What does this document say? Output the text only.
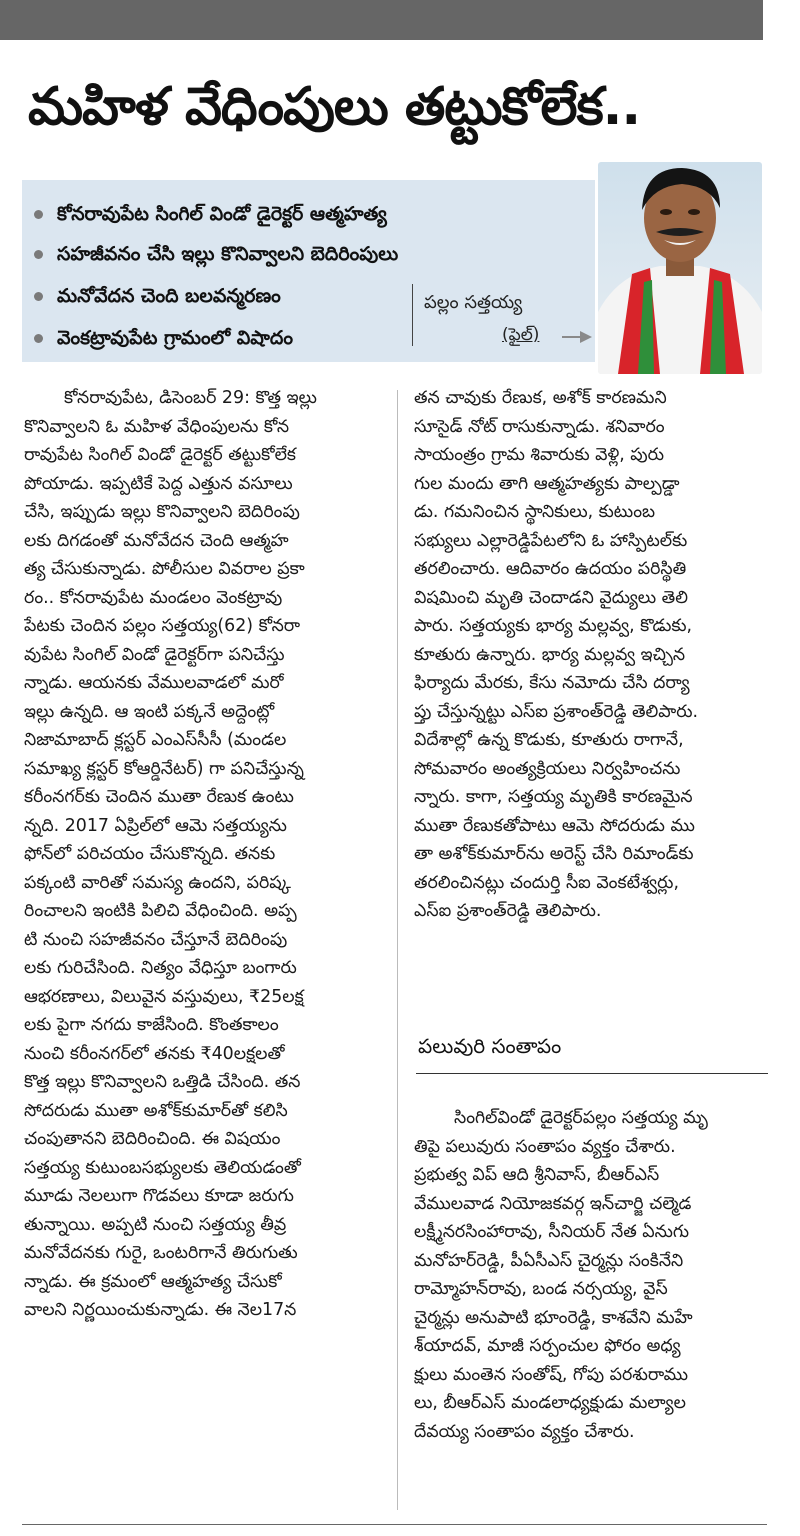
మహిళ వేధింపులు తట్టుకోలేక..
కోనరావుపేట సింగిల్ విండో డైరెక్టర్ ఆత్మహత్య
సహజీవనం చేసి ఇల్లు కొనివ్వాలని బెదిరింపులు
మనోవేదన చెంది బలవన్మరణం
వెంకట్రావుపేట గ్రామంలో విషాదం
పల్లం సత్తయ్య
(ఫైల్)
కోనరావుపేట, డిసెంబర్ 29: కొత్త ఇల్లు
కొనివ్వాలని ఓ మహిళ వేధింపులను కోన
రావుపేట సింగిల్ విండో డైరెక్టర్ తట్టుకోలేక
పోయాడు. ఇప్పటికే పెద్ద ఎత్తున వసూలు
చేసి, ఇప్పుడు ఇల్లు కొనివ్వాలని బెదిరింపు
లకు దిగడంతో మనోవేదన చెంది ఆత్మహ
త్య చేసుకున్నాడు. పోలీసుల వివరాల ప్రకా
రం.. కోనరావుపేట మండలం వెంకట్రావు
పేటకు చెందిన పల్లం సత్తయ్య(62) కోనరా
వుపేట సింగిల్ విండో డైరెక్టర్‌గా పనిచేస్తు
న్నాడు. ఆయనకు వేములవాడలో మరో
ఇల్లు ఉన్నది. ఆ ఇంటి పక్కనే అద్దెంట్లో
నిజామాబాద్ క్లస్టర్ ఎంఎస్‌సీసీ (మండల
సమాఖ్య క్లస్టర్ కోఆర్డినేటర్) గా పనిచేస్తున్న
కరీంనగర్‌కు చెందిన ముతా రేణుక ఉంటు
న్నది. 2017 ఏప్రిల్‌లో ఆమె సత్తయ్యను
ఫోన్‌లో పరిచయం చేసుకొన్నది. తనకు
పక్కంటి వారితో సమస్య ఉందని, పరిష్క
రించాలని ఇంటికి పిలిచి వేధించింది. అప్ప
టి నుంచి సహజీవనం చేస్తూనే బెదిరింపు
లకు గురిచేసింది. నిత్యం వేధిస్తూ బంగారు
ఆభరణాలు, విలువైన వస్తువులు, ₹25లక్ష
లకు పైగా నగదు కాజేసింది. కొంతకాలం
నుంచి కరీంనగర్‌లో తనకు ₹40లక్షలతో
కొత్త ఇల్లు కొనివ్వాలని ఒత్తిడి చేసింది. తన
సోదరుడు ముతా అశోక్‌కుమార్‌తో కలిసి
చంపుతానని బెదిరించింది. ఈ విషయం
సత్తయ్య కుటుంబసభ్యులకు తెలియడంతో
మూడు నెలలుగా గొడవలు కూడా జరుగు
తున్నాయి. అప్పటి నుంచి సత్తయ్య తీవ్ర
మనోవేదనకు గురై, ఒంటరిగానే తిరుగుతు
న్నాడు. ఈ క్రమంలో ఆత్మహత్య చేసుకో
వాలని నిర్ణయించుకున్నాడు. ఈ నెల17న
తన చావుకు రేణుక, అశోక్ కారణమని
సూసైడ్ నోట్ రాసుకున్నాడు. శనివారం
సాయంత్రం గ్రామ శివారుకు వెళ్లి, పురు
గుల మందు తాగి ఆత్మహత్యకు పాల్పడ్డా
డు. గమనించిన స్థానికులు, కుటుంబ
సభ్యులు ఎల్లారెడ్డిపేటలోని ఓ హాస్పిటల్‌కు
తరలించారు. ఆదివారం ఉదయం పరిస్థితి
విషమించి మృతి చెందాడని వైద్యులు తెలి
పారు. సత్తయ్యకు భార్య మల్లవ్వ, కొడుకు,
కూతురు ఉన్నారు. భార్య మల్లవ్వ ఇచ్చిన
ఫిర్యాదు మేరకు, కేసు నమోదు చేసి దర్యా
ప్తు చేస్తున్నట్టు ఎస్ఐ ప్రశాంత్‌రెడ్డి తెలిపారు.
విదేశాల్లో ఉన్న కొడుకు, కూతురు రాగానే,
సోమవారం అంత్యక్రియలు నిర్వహించను
న్నారు. కాగా, సత్తయ్య మృతికి కారణమైన
ముతా రేణుకతోపాటు ఆమె సోదరుడు ము
తా అశోక్‌కుమార్‌ను అరెస్ట్ చేసి రిమాండ్‌కు
తరలించినట్లు చందుర్తి సీఐ వెంకటేశ్వర్లు,
ఎస్ఐ ప్రశాంత్‌రెడ్డి తెలిపారు.
పలువురి సంతాపం
సింగిల్‌విండో డైరెక్టర్‌పల్లం సత్తయ్య మృ
తిపై పలువురు సంతాపం వ్యక్తం చేశారు.
ప్రభుత్వ విప్ ఆది శ్రీనివాస్, బీఆర్ఎస్
వేములవాడ నియోజకవర్గ ఇన్‌చార్జి చల్మెడ
లక్ష్మీనరసింహారావు, సీనియర్ నేత ఏనుగు
మనోహర్‌రెడ్డి, పీఏసీఎస్ చైర్మన్లు సంకినేని
రామ్మోహన్‌రావు, బండ నర్సయ్య, వైస్
చైర్మన్లు అనుపాటి భూంరెడ్డి, కాశవేని మహే
శ్‌యాదవ్, మాజీ సర్పంచుల ఫోరం అధ్య
క్షులు మంతెన సంతోష్, గోపు పరశురాము
లు, బీఆర్ఎస్ మండలాధ్యక్షుడు మల్యాల
దేవయ్య సంతాపం వ్యక్తం చేశారు.
